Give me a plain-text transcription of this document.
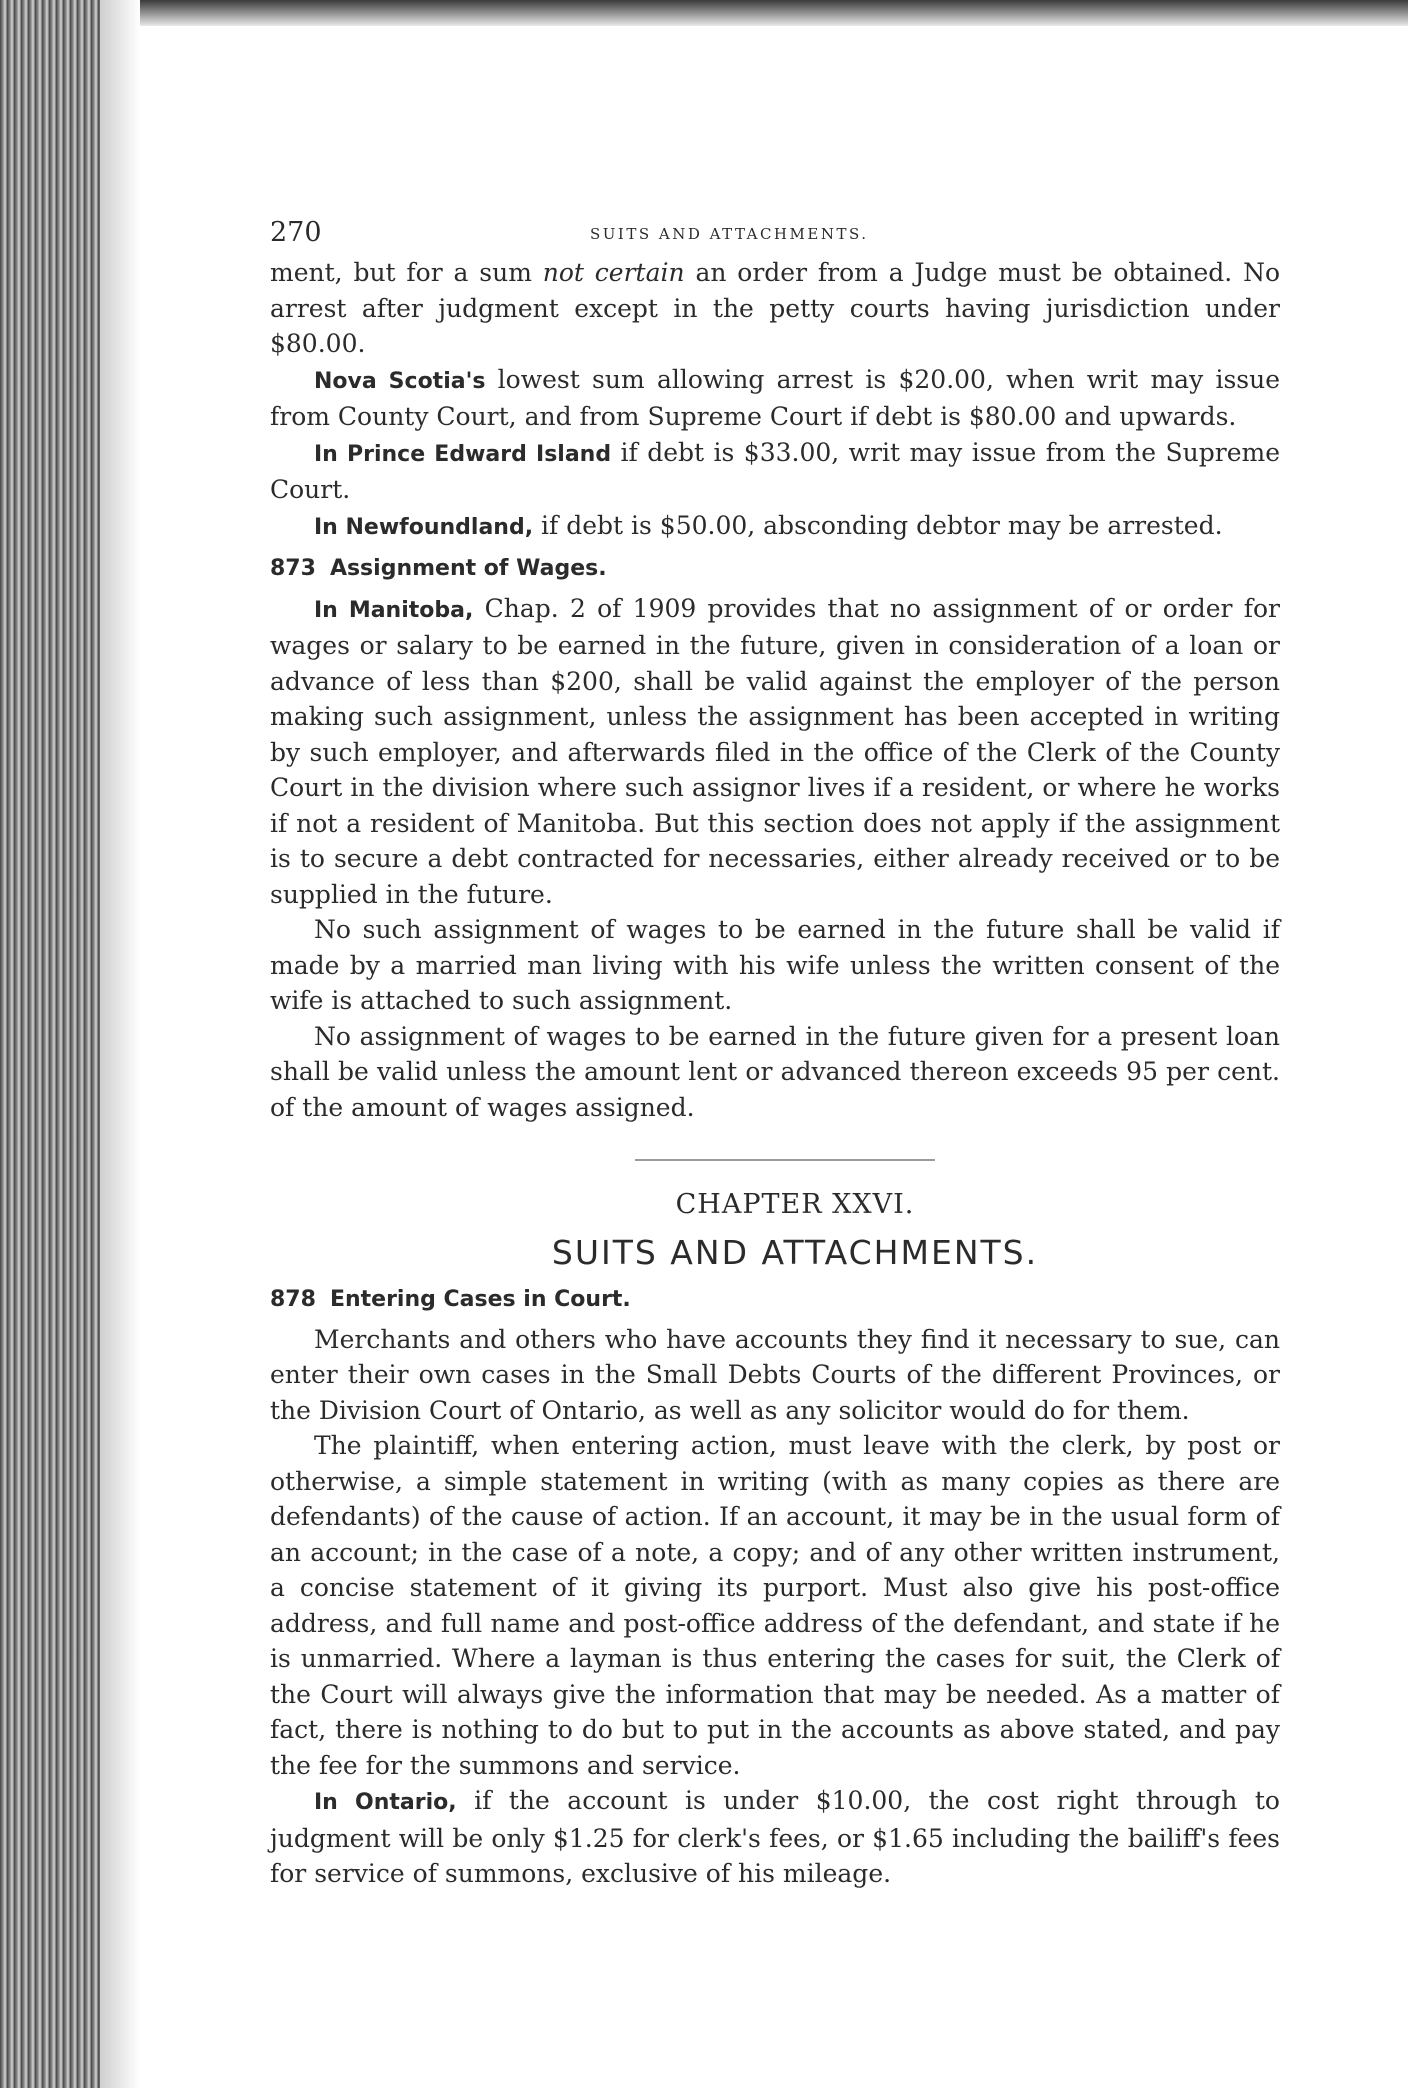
270	SUITS AND ATTACHMENTS.

ment, but for a sum not certain an order from a Judge must be obtained. No arrest after judgment except in the petty courts having jurisdiction under $80.00.

Nova Scotia's lowest sum allowing arrest is $20.00, when writ may issue from County Court, and from Supreme Court if debt is $80.00 and upwards.

In Prince Edward Island if debt is $33.00, writ may issue from the Supreme Court.

In Newfoundland, if debt is $50.00, absconding debtor may be arrested.

873 Assignment of Wages.

In Manitoba, Chap. 2 of 1909 provides that no assignment of or order for wages or salary to be earned in the future, given in consideration of a loan or advance of less than $200, shall be valid against the employer of the person making such assignment, unless the assignment has been accepted in writing by such employer, and afterwards filed in the office of the Clerk of the County Court in the division where such assignor lives if a resident, or where he works if not a resident of Manitoba. But this section does not apply if the assignment is to secure a debt contracted for necessaries, either already received or to be supplied in the future.

No such assignment of wages to be earned in the future shall be valid if made by a married man living with his wife unless the written consent of the wife is attached to such assignment.

No assignment of wages to be earned in the future given for a present loan shall be valid unless the amount lent or advanced thereon exceeds 95 per cent. of the amount of wages assigned.

CHAPTER XXVI.
SUITS AND ATTACHMENTS.
878 Entering Cases in Court.

Merchants and others who have accounts they find it necessary to sue, can enter their own cases in the Small Debts Courts of the different Provinces, or the Division Court of Ontario, as well as any solicitor would do for them.

The plaintiff, when entering action, must leave with the clerk, by post or otherwise, a simple statement in writing (with as many copies as there are defendants) of the cause of action. If an account, it may be in the usual form of an account; in the case of a note, a copy; and of any other written instrument, a concise statement of it giving its purport. Must also give his post-office address, and full name and post-office address of the defendant, and state if he is unmarried. Where a layman is thus entering the cases for suit, the Clerk of the Court will always give the information that may be needed. As a matter of fact, there is nothing to do but to put in the accounts as above stated, and pay the fee for the summons and service.

In Ontario, if the account is under $10.00, the cost right through to judgment will be only $1.25 for clerk's fees, or $1.65 including the bailiff's fees for service of summons, exclusive of his mileage.
